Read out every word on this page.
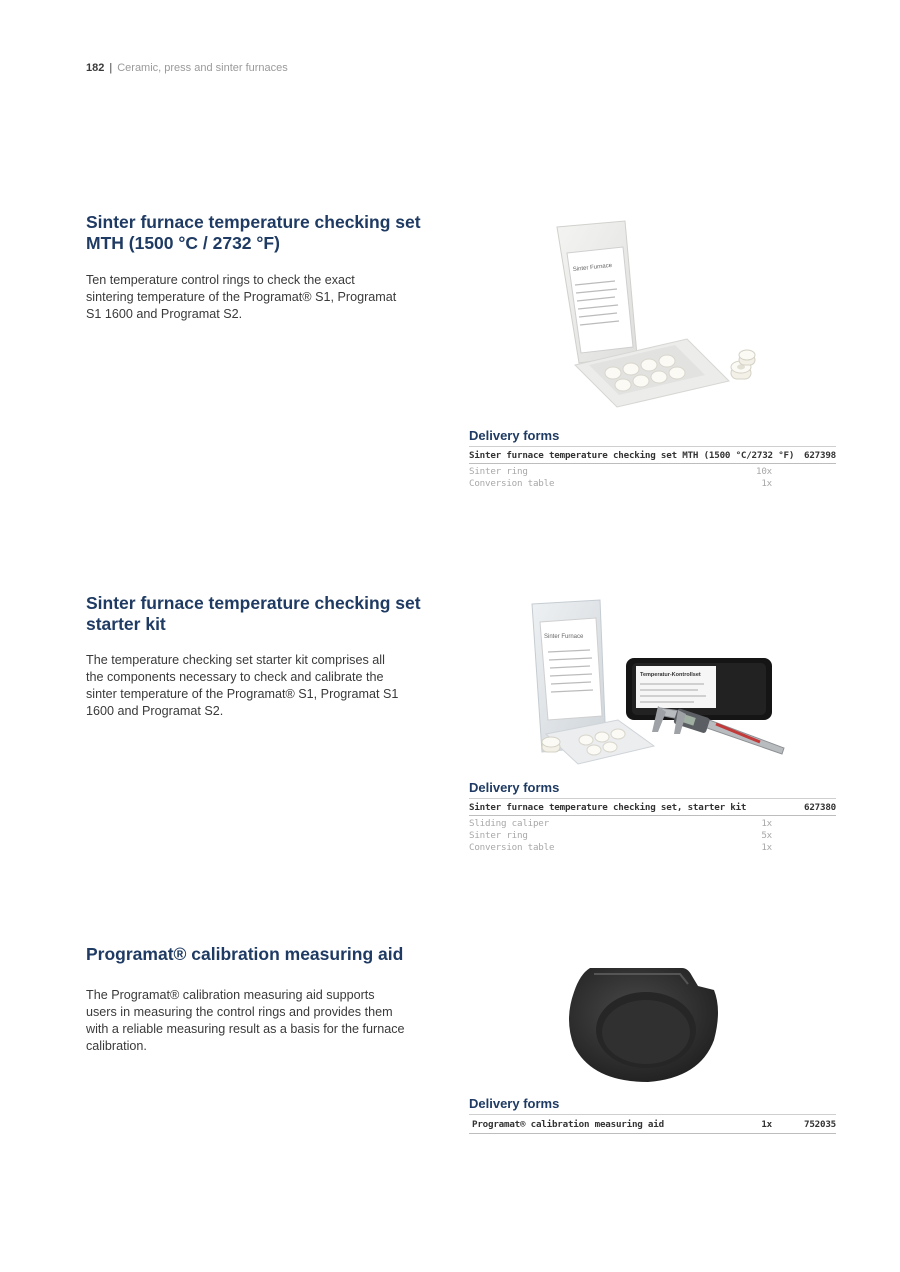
182 | Ceramic, press and sinter furnaces
Sinter furnace temperature checking set
MTH (1500 °C / 2732 °F)
Ten temperature control rings to check the exact
sintering temperature of the Programat® S1, Programat
S1 1600 and Programat S2.
Sinter Furnace
Delivery forms
Sinter furnace temperature checking set MTH (1500 °C/2732 °F) 627398
Sinter ring	10x
Conversion table	1x
Sinter furnace temperature checking set
starter kit
The temperature checking set starter kit comprises all
the components necessary to check and calibrate the
sinter temperature of the Programat® S1, Programat S1
1600 and Programat S2.
Sinter Furnace
Temperatur-Kontrollset
Delivery forms
Sinter furnace temperature checking set, starter kit	627380
Sliding caliper	1x
Sinter ring	5x
Conversion table	1x
Programat® calibration measuring aid
The Programat® calibration measuring aid supports
users in measuring the control rings and provides them
with a reliable measuring result as a basis for the furnace
calibration.
Delivery forms
Programat® calibration measuring aid	1x	752035
